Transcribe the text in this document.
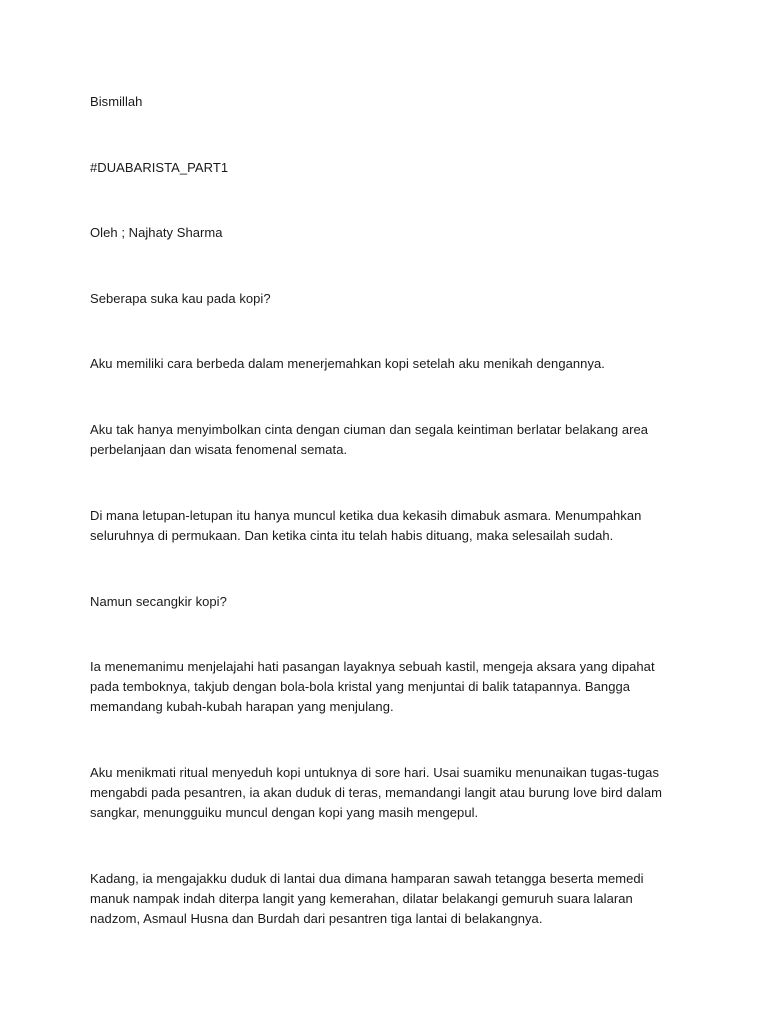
Bismillah

#DUABARISTA_PART1

Oleh ; Najhaty Sharma

Seberapa suka kau pada kopi?

Aku memiliki cara berbeda dalam menerjemahkan kopi setelah aku menikah dengannya.

Aku tak hanya menyimbolkan cinta dengan ciuman dan segala keintiman berlatar belakang area perbelanjaan dan wisata fenomenal semata.

Di mana letupan-letupan itu hanya muncul ketika dua kekasih dimabuk asmara. Menumpahkan seluruhnya di permukaan. Dan ketika cinta itu telah habis dituang, maka selesailah sudah.

Namun secangkir kopi?

Ia menemanimu menjelajahi hati pasangan layaknya sebuah kastil, mengeja aksara yang dipahat pada temboknya, takjub dengan bola-bola kristal yang menjuntai di balik tatapannya. Bangga memandang kubah-kubah harapan yang menjulang.

Aku menikmati ritual menyeduh kopi untuknya di sore hari. Usai suamiku menunaikan tugas-tugas mengabdi pada pesantren, ia akan duduk di teras, memandangi langit atau burung love bird dalam sangkar, menungguiku muncul dengan kopi yang masih mengepul.

Kadang, ia mengajakku duduk di lantai dua dimana hamparan sawah tetangga beserta memedi manuk nampak indah diterpa langit yang kemerahan, dilatar belakangi gemuruh suara lalaran nadzom, Asmaul Husna dan Burdah dari pesantren tiga lantai di belakangnya.
